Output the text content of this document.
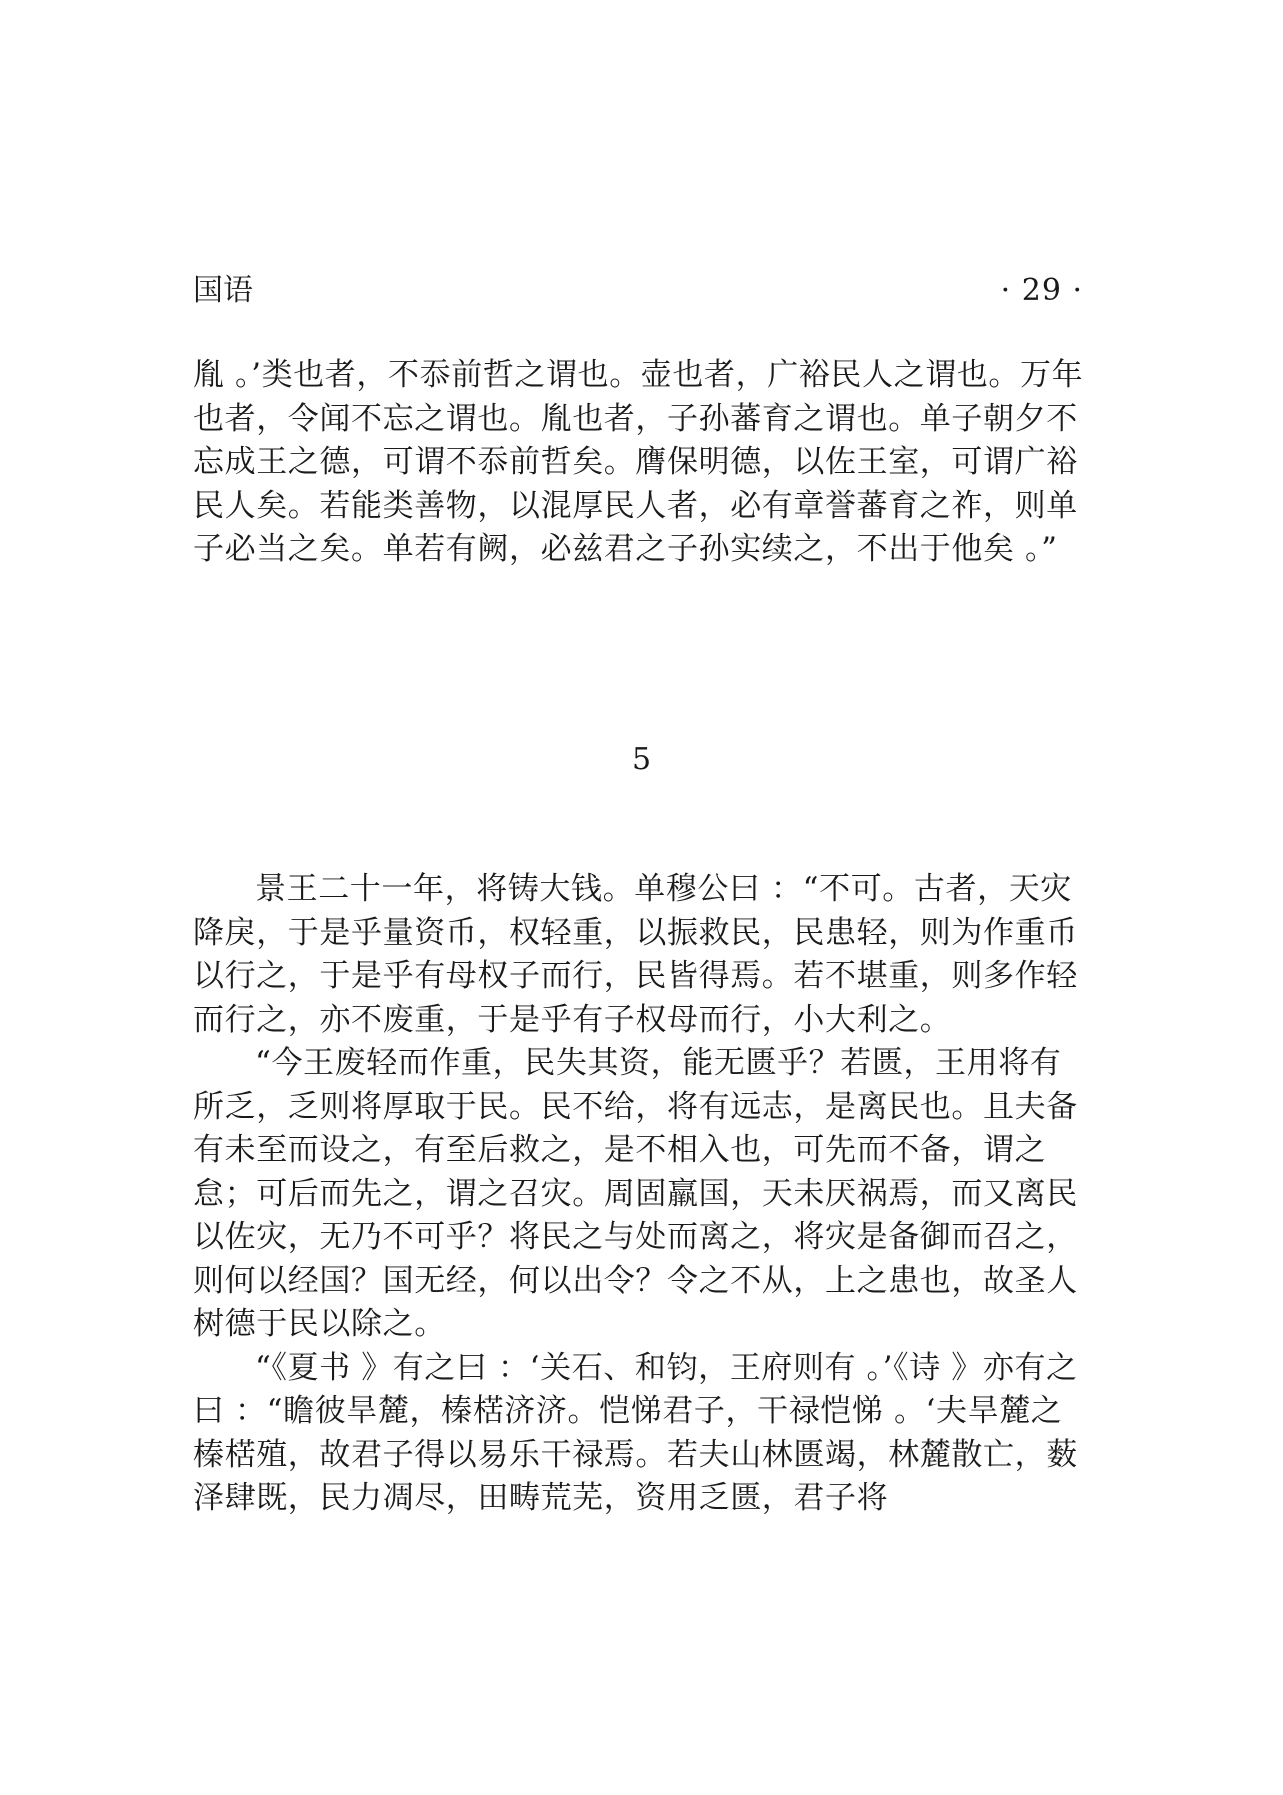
国语	· 29 ·

胤 。’类也者，不忝前哲之谓也。壶也者，广裕民人之谓也。万年也者，令闻不忘之谓也。胤也者，子孙蕃育之谓也。单子朝夕不忘成王之德，可谓不忝前哲矣。膺保明德，以佐王室，可谓广裕民人矣。若能类善物，以混厚民人者，必有章誉蕃育之祚，则单子必当之矣。单若有阙，必兹君之子孙实续之，不出于他矣 。”

5

景王二十一年，将铸大钱。单穆公曰 ：“不可。古者，天灾降戾，于是乎量资币，权轻重，以振救民，民患轻，则为作重币以行之，于是乎有母权子而行，民皆得焉。若不堪重，则多作轻而行之，亦不废重，于是乎有子权母而行，小大利之。

“今王废轻而作重，民失其资，能无匮乎？若匮，王用将有所乏，乏则将厚取于民。民不给，将有远志，是离民也。且夫备有未至而设之，有至后救之，是不相入也，可先而不备，谓之怠；可后而先之，谓之召灾。周固羸国，天未厌祸焉，而又离民以佐灾，无乃不可乎？将民之与处而离之，将灾是备御而召之，则何以经国？国无经，何以出令？令之不从，上之患也，故圣人树德于民以除之。

“《夏书 》有之曰 ：‘关石、和钧，王府则有 。’《诗 》亦有之曰 ：“瞻彼旱麓，榛楛济济。恺悌君子，干禄恺悌 。‘夫旱麓之榛楛殖，故君子得以易乐干禄焉。若夫山林匮竭，林麓散亡，薮泽肆既，民力凋尽，田畴荒芜，资用乏匮，君子将
